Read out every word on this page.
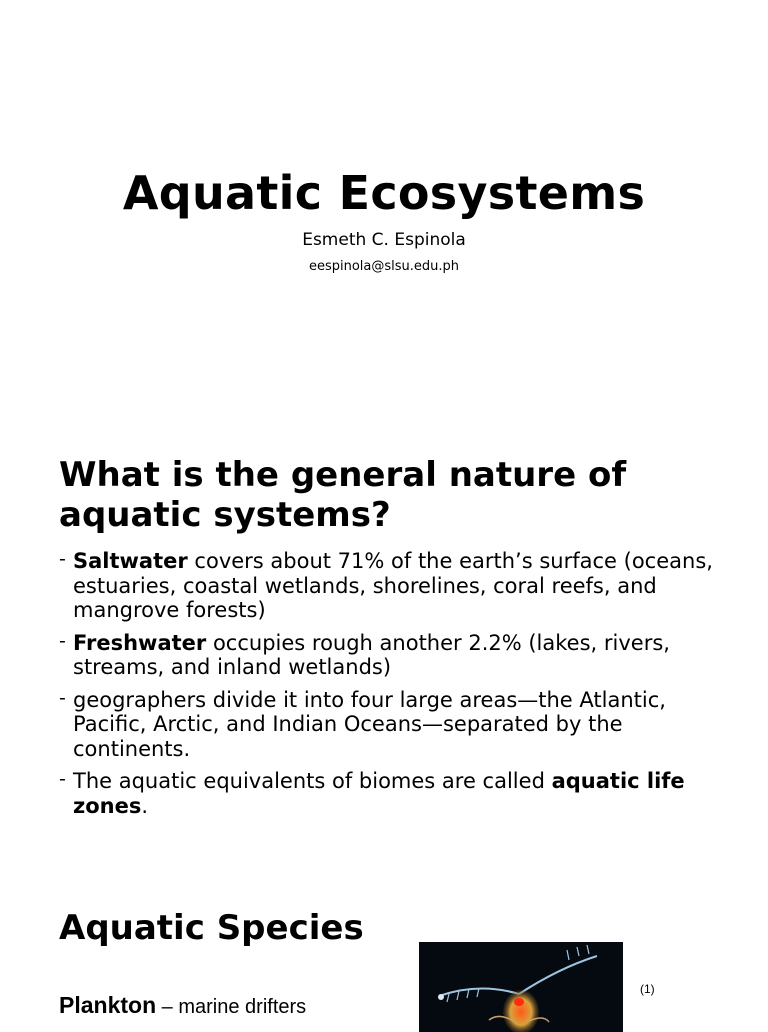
Aquatic Ecosystems
Esmeth C. Espinola
eespinola@slsu.edu.ph
What is the general nature of aquatic systems?
- Saltwater covers about 71% of the earth’s surface (oceans, estuaries, coastal wetlands, shorelines, coral reefs, and mangrove forests)
- Freshwater occupies rough another 2.2% (lakes, rivers, streams, and inland wetlands)
- geographers divide it into four large areas—the Atlantic, Pacific, Arctic, and Indian Oceans—separated by the continents.
- The aquatic equivalents of biomes are called aquatic life zones.
Aquatic Species
Plankton – marine drifters
(1)
